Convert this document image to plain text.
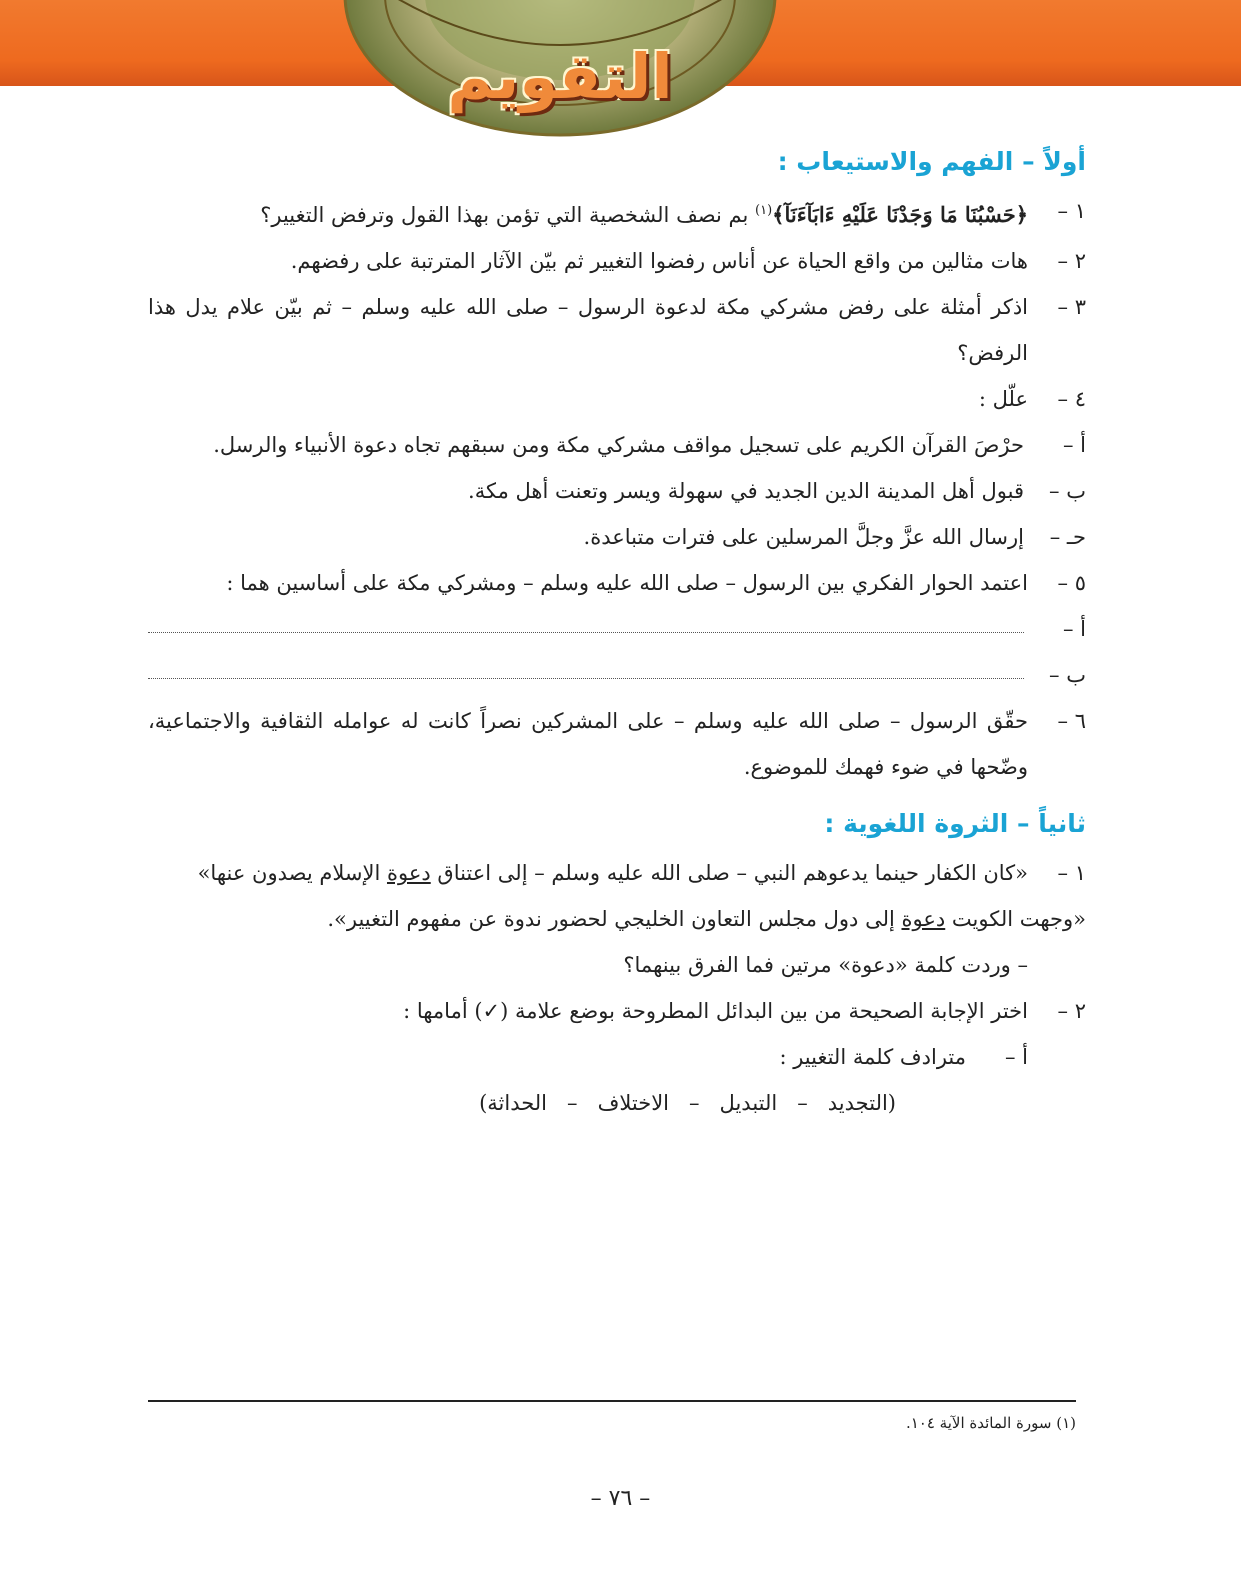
التقويم
أولاً – الفهم والاستيعاب :
١ –
﴿حَسْبُنَا مَا وَجَدْنَا عَلَيْهِ ءَابَآءَنَآ﴾$^{(١)}$ بم نصف الشخصية التي تؤمن بهذا القول وترفض التغيير؟
٢ –
هات مثالين من واقع الحياة عن أناس رفضوا التغيير ثم بيّن الآثار المترتبة على رفضهم.
٣ –
اذكر أمثلة على رفض مشركي مكة لدعوة الرسول – صلى الله عليه وسلم – ثم بيّن علام يدل هذا الرفض؟
٤ –
علّل :
أ –
حرْصَ القرآن الكريم على تسجيل مواقف مشركي مكة ومن سبقهم تجاه دعوة الأنبياء والرسل.
ب –
قبول أهل المدينة الدين الجديد في سهولة ويسر وتعنت أهل مكة.
حـ –
إرسال الله عزَّ وجلَّ المرسلين على فترات متباعدة.
٥ –
اعتمد الحوار الفكري بين الرسول – صلى الله عليه وسلم – ومشركي مكة على أساسين هما :
أ –
ب –
٦ –
حقّق الرسول – صلى الله عليه وسلم – على المشركين نصراً كانت له عوامله الثقافية والاجتماعية، وضّحها في ضوء فهمك للموضوع.
ثانياً – الثروة اللغوية :
١ –
«كان الكفار حينما يدعوهم النبي – صلى الله عليه وسلم – إلى اعتناق دعوة الإسلام يصدون عنها»
«وجهت الكويت دعوة إلى دول مجلس التعاون الخليجي لحضور ندوة عن مفهوم التغيير».
– وردت كلمة «دعوة» مرتين فما الفرق بينهما؟
٢ –
اختر الإجابة الصحيحة من بين البدائل المطروحة بوضع علامة (✓) أمامها :
أ –
مترادف كلمة التغيير :
(التجديد   –   التبديل   –   الاختلاف   –   الحداثة)
(١) سورة المائدة الآية ١٠٤.
– ٧٦ –
